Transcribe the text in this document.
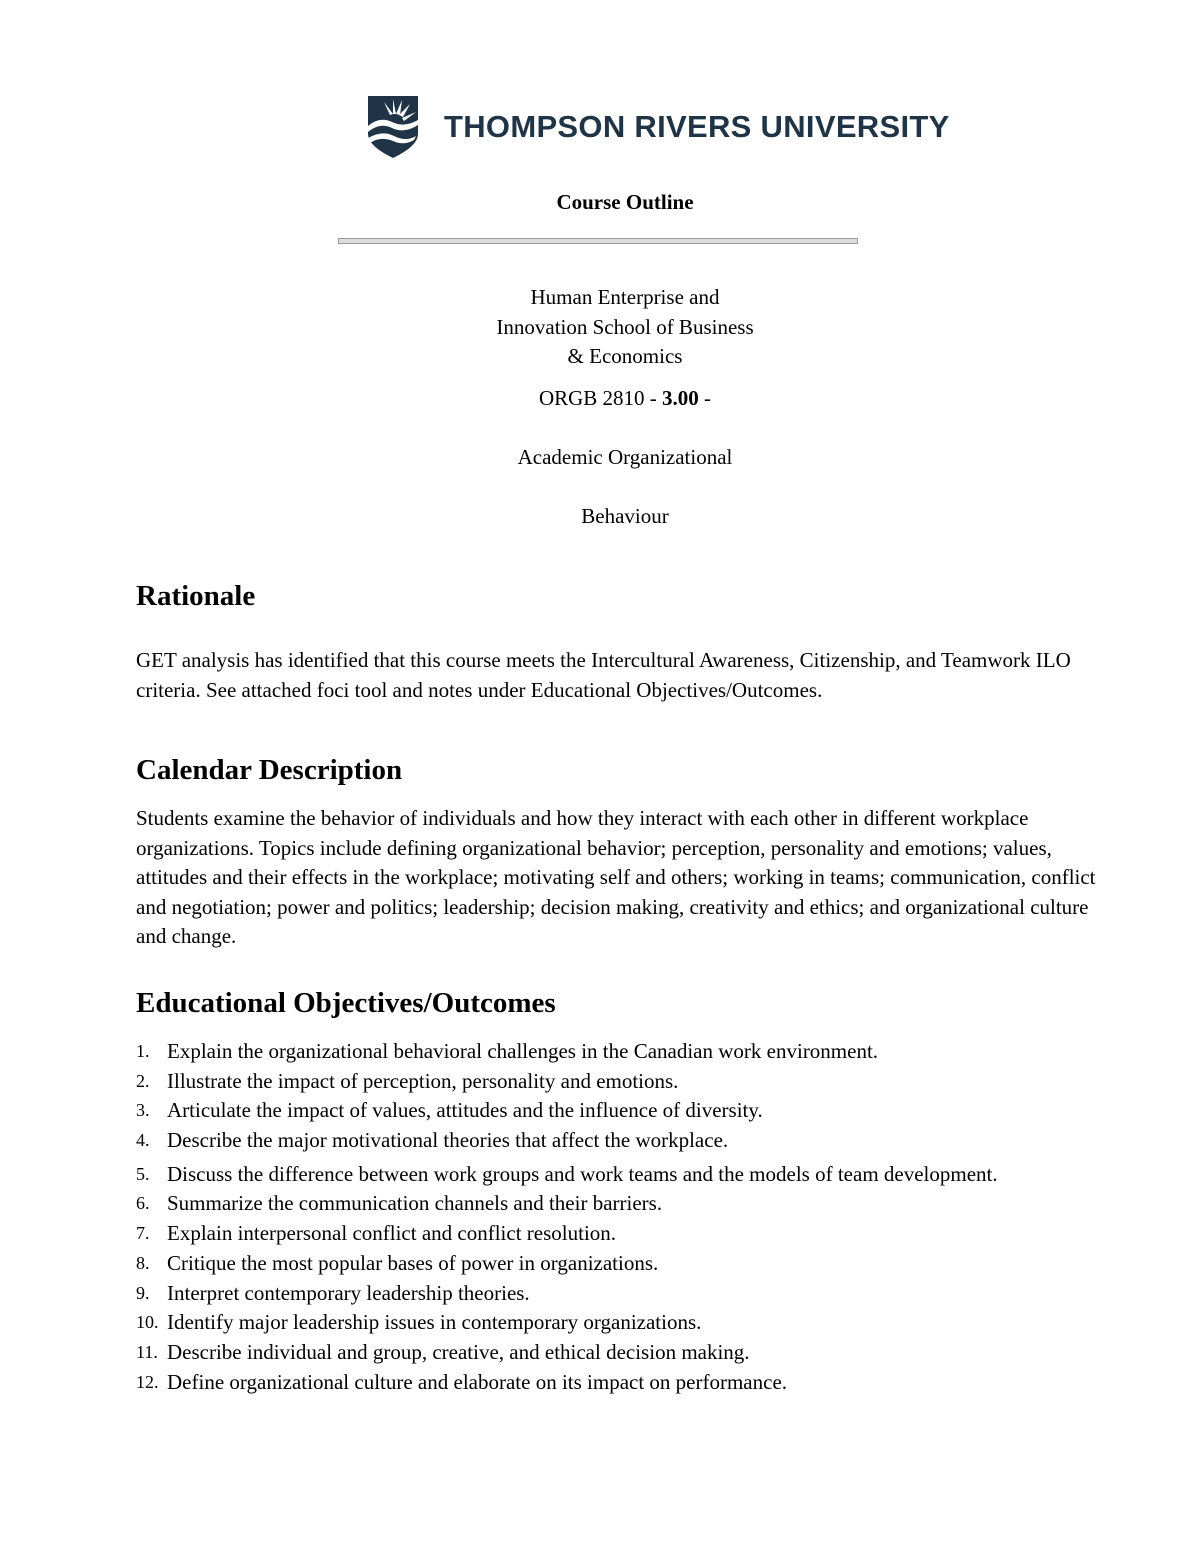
THOMPSON RIVERS UNIVERSITY
Course Outline
Human Enterprise and
Innovation School of Business
& Economics
ORGB 2810 - 3.00 -
Academic Organizational
Behaviour
Rationale
GET analysis has identified that this course meets the Intercultural Awareness, Citizenship, and Teamwork ILO criteria. See attached foci tool and notes under Educational Objectives/Outcomes.
Calendar Description
Students examine the behavior of individuals and how they interact with each other in different workplace organizations. Topics include defining organizational behavior; perception, personality and emotions; values, attitudes and their effects in the workplace; motivating self and others; working in teams; communication, conflict and negotiation; power and politics; leadership; decision making, creativity and ethics; and organizational culture and change.
Educational Objectives/Outcomes
1. Explain the organizational behavioral challenges in the Canadian work environment.
2. Illustrate the impact of perception, personality and emotions.
3. Articulate the impact of values, attitudes and the influence of diversity.
4. Describe the major motivational theories that affect the workplace.
5. Discuss the difference between work groups and work teams and the models of team development.
6. Summarize the communication channels and their barriers.
7. Explain interpersonal conflict and conflict resolution.
8. Critique the most popular bases of power in organizations.
9. Interpret contemporary leadership theories.
10. Identify major leadership issues in contemporary organizations.
11. Describe individual and group, creative, and ethical decision making.
12. Define organizational culture and elaborate on its impact on performance.
